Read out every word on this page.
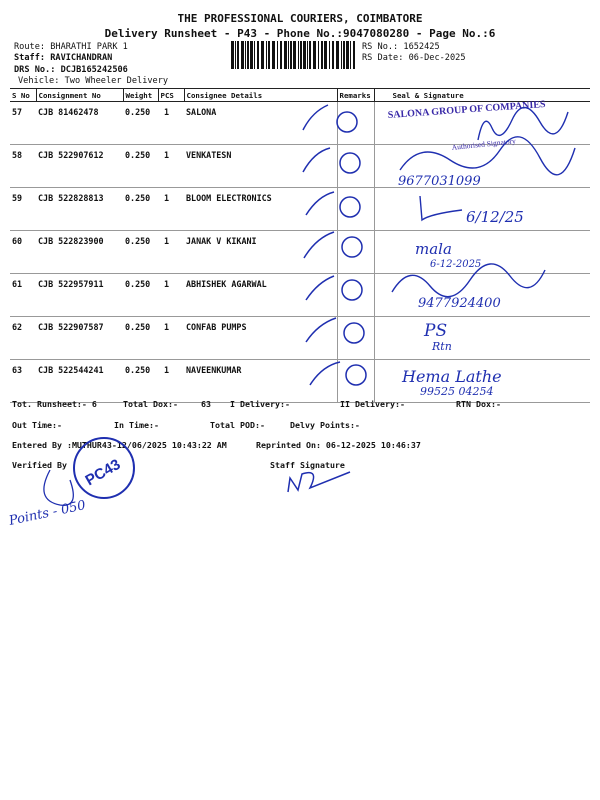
THE PROFESSIONAL COURIERS, COIMBATORE
Delivery Runsheet - P43 - Phone No.:9047080280 - Page No.:6
Route: BHARATHI PARK 1
Staff: RAVICHANDRAN
DRS No.: DCJB165242506
Vehicle: Two Wheeler Delivery
RS No.: 1652425
RS Date: 06-Dec-2025
S No	Consignment No	Weight	PCS	Consignee Details	Remarks	Seal & Signature
57	CJB 81462478	0.250	1	SALONA		
58	CJB 522907612	0.250	1	VENKATESN		
59	CJB 522828813	0.250	1	BLOOM ELECTRONICS		
60	CJB 522823900	0.250	1	JANAK V KIKANI		
61	CJB 522957911	0.250	1	ABHISHEK AGARWAL		
62	CJB 522907587	0.250	1	CONFAB PUMPS		
63	CJB 522544241	0.250	1	NAVEENKUMAR		
Tot. Runsheet:- 6	Total Dox:-	63 I Delivery:-	II Delivery:-	RTN Dox:-
Out Time:-	In Time:-	Total POD:-	Delvy Points:-
Entered By :MUTHUR43-12/06/2025 10:43:22 AM	Reprinted On: 06-12-2025 10:46:37
Verified By	Staff Signature
SALONA GROUP OF COMPANIES
Authorised Signatory
9677031099
6/12/25
mala
6-12-2025
9477924400
PS
Rtn
Hema Lathe
99525 04254
PC43
Points - 050
